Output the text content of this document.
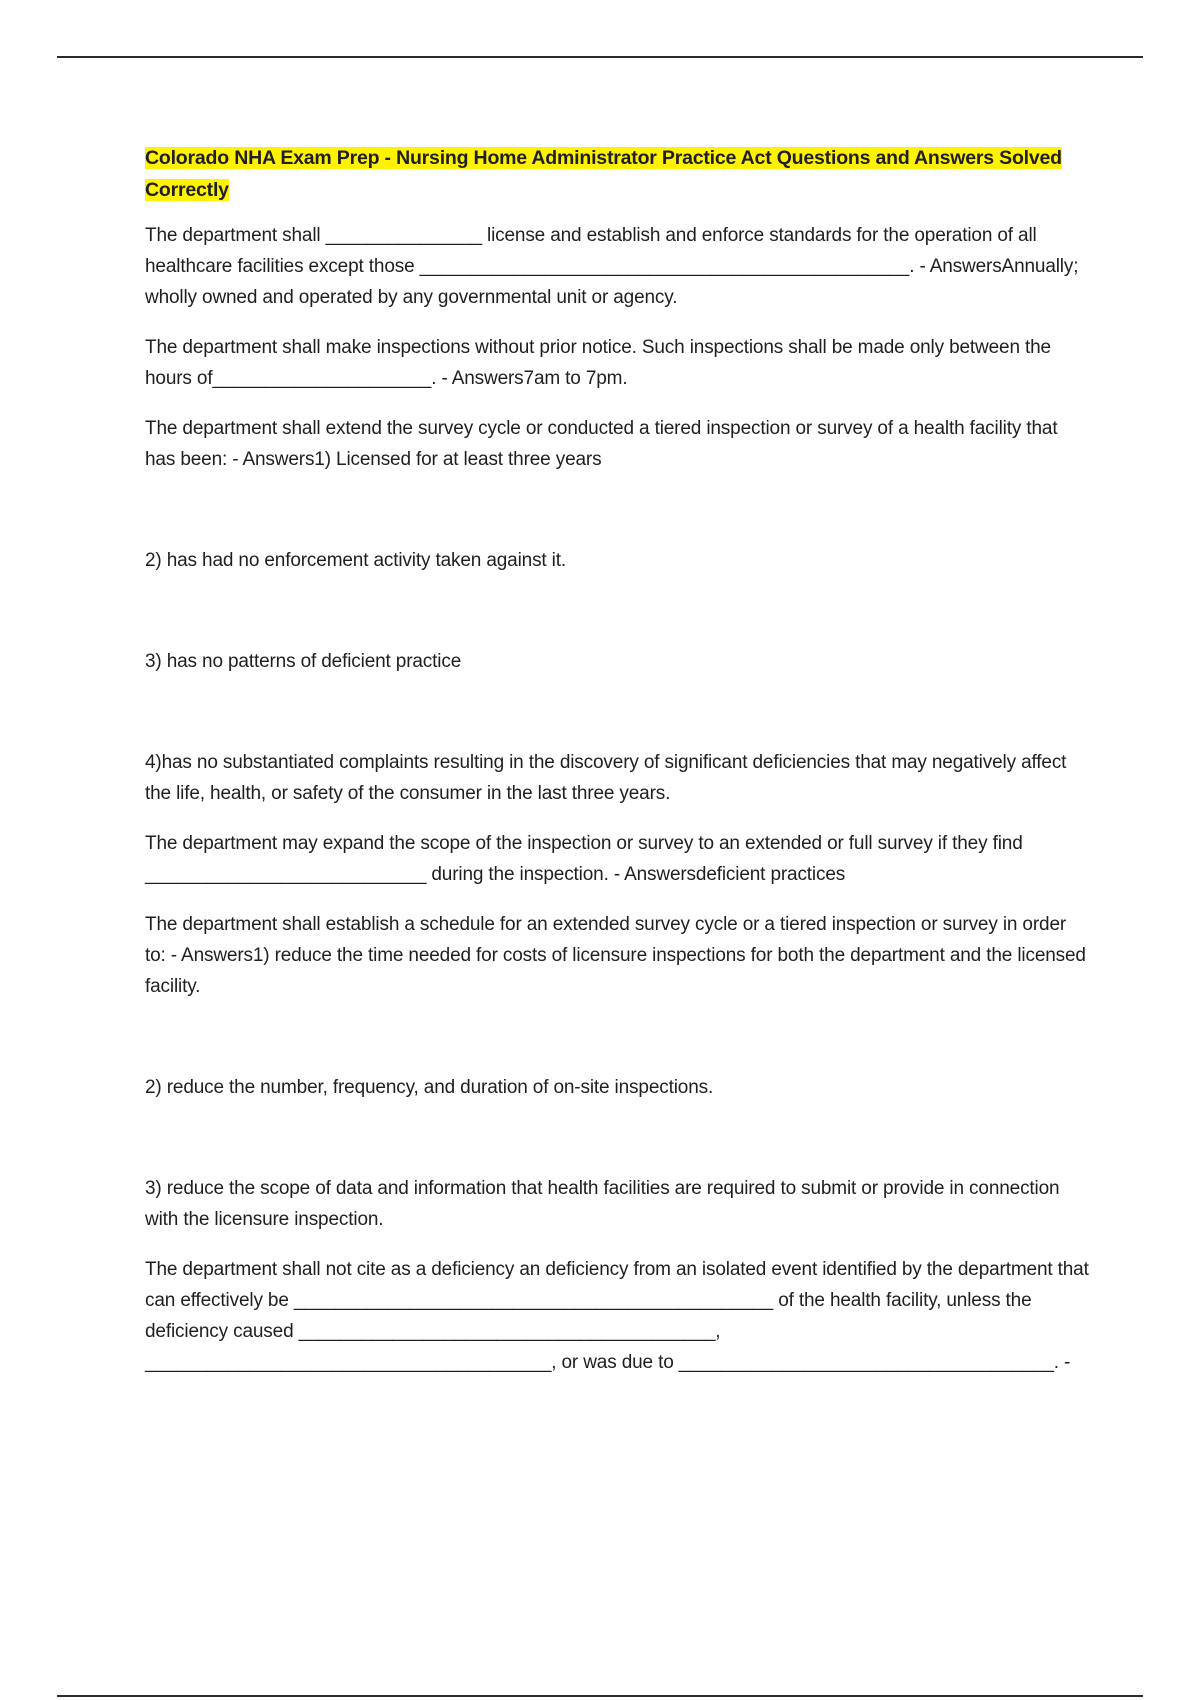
Colorado NHA Exam Prep - Nursing Home Administrator Practice Act Questions and Answers Solved Correctly
The department shall _______________ license and establish and enforce standards for the operation of all healthcare facilities except those _______________________________________________. - AnswersAnnually; wholly owned and operated by any governmental unit or agency.
The department shall make inspections without prior notice. Such inspections shall be made only between the hours of_____________________. - Answers7am to 7pm.
The department shall extend the survey cycle or conducted a tiered inspection or survey of a health facility that has been: - Answers1) Licensed for at least three years
2) has had no enforcement activity taken against it.
3) has no patterns of deficient practice
4)has no substantiated complaints resulting in the discovery of significant deficiencies that may negatively affect the life, health, or safety of the consumer in the last three years.
The department may expand the scope of the inspection or survey to an extended or full survey if they find ___________________________ during the inspection. - Answersdeficient practices
The department shall establish a schedule for an extended survey cycle or a tiered inspection or survey in order to: - Answers1) reduce the time needed for costs of licensure inspections for both the department and the licensed facility.
2) reduce the number, frequency, and duration of on-site inspections.
3) reduce the scope of data and information that health facilities are required to submit or provide in connection with the licensure inspection.
The department shall not cite as a deficiency an deficiency from an isolated event identified by the department that can effectively be ______________________________________________ of the health facility, unless the deficiency caused ________________________________________, _______________________________________, or was due to ____________________________________. -
